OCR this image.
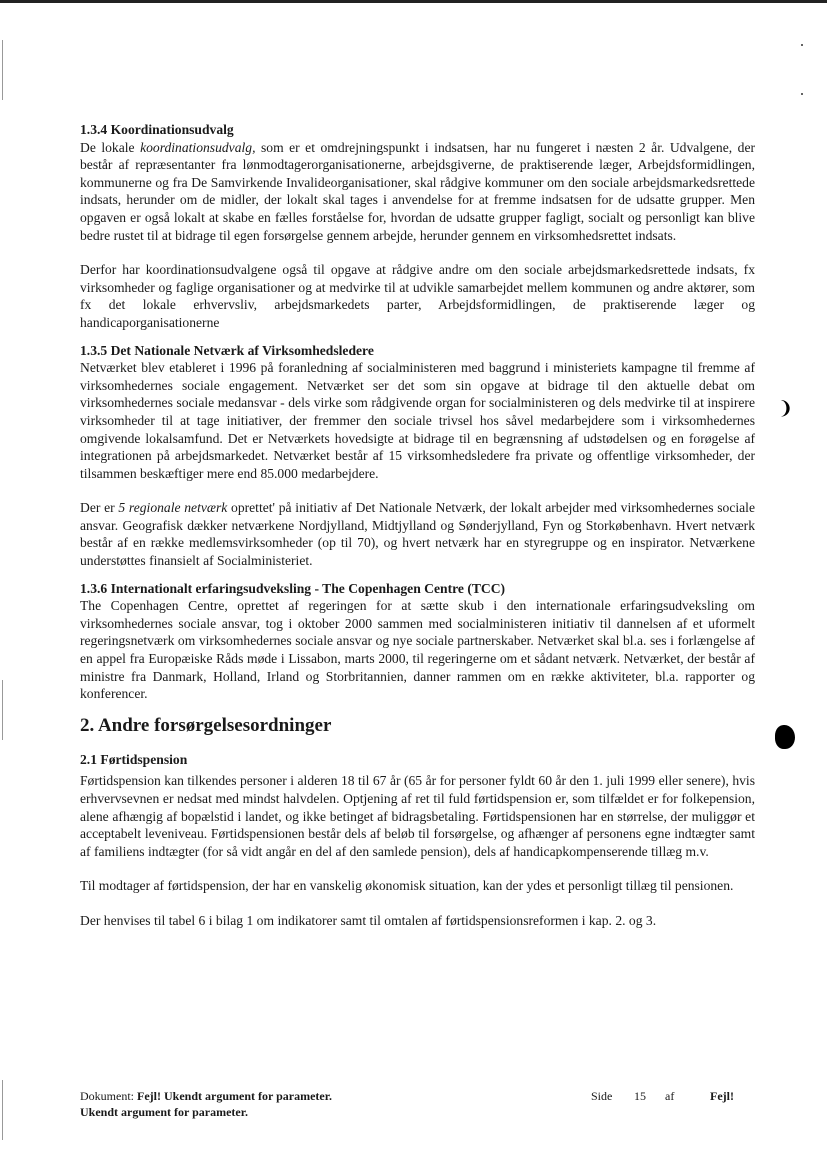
❩
1.3.4 Koordinationsudvalg

De lokale koordinationsudvalg, som er et omdrejningspunkt i indsatsen, har nu fungeret i næsten 2 år. Udvalgene, der består af repræsentanter fra lønmodtagerorganisationerne, arbejdsgiverne, de praktiserende læger, Arbejdsformidlingen, kommunerne og fra De Samvirkende Invalideorganisationer, skal rådgive kommuner om den sociale arbejdsmarkedsrettede indsats, herunder om de midler, der lokalt skal tages i anvendelse for at fremme indsatsen for de udsatte grupper. Men opgaven er også lokalt at skabe en fælles forståelse for, hvordan de udsatte grupper fagligt, socialt og personligt kan blive bedre rustet til at bidrage til egen forsørgelse gennem arbejde, herunder gennem en virksomhedsrettet indsats.

Derfor har koordinationsudvalgene også til opgave at rådgive andre om den sociale arbejdsmarkedsrettede indsats, fx virksomheder og faglige organisationer og at medvirke til at udvikle samarbejdet mellem kommunen og andre aktører, som fx det lokale erhvervsliv, arbejdsmarkedets parter, Arbejdsformidlingen, de praktiserende læger og handicaporganisationerne

1.3.5 Det Nationale Netværk af Virksomhedsledere

Netværket blev etableret i 1996 på foranledning af socialministeren med baggrund i ministeriets kampagne til fremme af virksomhedernes sociale engagement. Netværket ser det som sin opgave at bidrage til den aktuelle debat om virksomhedernes sociale medansvar - dels virke som rådgivende organ for socialministeren og dels medvirke til at inspirere virksomheder til at tage initiativer, der fremmer den sociale trivsel hos såvel medarbejdere som i virksomhedernes omgivende lokalsamfund. Det er Netværkets hovedsigte at bidrage til en begrænsning af udstødelsen og en forøgelse af integrationen på arbejdsmarkedet. Netværket består af 15 virksomhedsledere fra private og offentlige virksomheder, der tilsammen beskæftiger mere end 85.000 medarbejdere.

Der er 5 regionale netværk oprettet' på initiativ af Det Nationale Netværk, der lokalt arbejder med virksomhedernes sociale ansvar. Geografisk dækker netværkene Nordjylland, Midtjylland og Sønderjylland, Fyn og Storkøbenhavn. Hvert netværk består af en række medlemsvirksomheder (op til 70), og hvert netværk har en styregruppe og en inspirator. Netværkene understøttes finansielt af Socialministeriet.

1.3.6 Internationalt erfaringsudveksling - The Copenhagen Centre (TCC)

The Copenhagen Centre, oprettet af regeringen for at sætte skub i den internationale erfaringsudveksling om virksomhedernes sociale ansvar, tog i oktober 2000 sammen med socialministeren initiativ til dannelsen af et uformelt regeringsnetværk om virksomhedernes sociale ansvar og nye sociale partnerskaber. Netværket skal bl.a. ses i forlængelse af en appel fra Europæiske Råds møde i Lissabon, marts 2000, til regeringerne om et sådant netværk. Netværket, der består af ministre fra Danmark, Holland, Irland og Storbritannien, danner rammen om en række aktiviteter, bl.a. rapporter og konferencer.

2. Andre forsørgelsesordninger
2.1 Førtidspension

Førtidspension kan tilkendes personer i alderen 18 til 67 år (65 år for personer fyldt 60 år den 1. juli 1999 eller senere), hvis erhvervsevnen er nedsat med mindst halvdelen. Optjening af ret til fuld førtidspension er, som tilfældet er for folkepension, alene afhængig af bopælstid i landet, og ikke betinget af bidragsbetaling. Førtidspensionen har en størrelse, der muliggør et acceptabelt leveniveau. Førtidspensionen består dels af beløb til forsørgelse, og afhænger af personens egne indtægter samt af familiens indtægter (for så vidt angår en del af den samlede pension), dels af handicapkompenserende tillæg m.v.

Til modtager af førtidspension, der har en vanskelig økonomisk situation, kan der ydes et personligt tillæg til pensionen.

Der henvises til tabel 6 i bilag 1 om indikatorer samt til omtalen af førtidspensionsreformen i kap. 2. og 3.

Dokument: Fejl! Ukendt argument for parameter.
Ukendt argument for parameter.
Side 15 af	Fejl!
